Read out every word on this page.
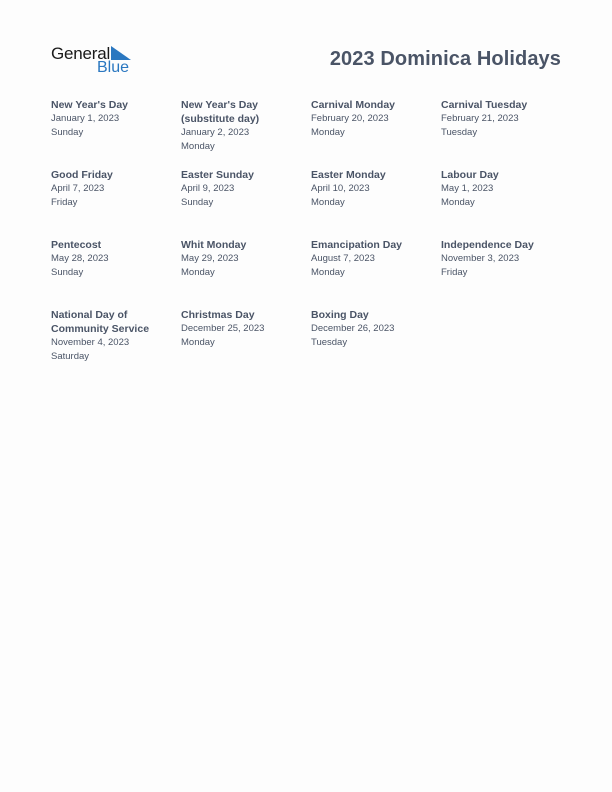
General
Blue	2023 Dominica Holidays
New Year's Day
January 1, 2023
Sunday
New Year's Day (substitute day)
January 2, 2023
Monday
Carnival Monday
February 20, 2023
Monday
Carnival Tuesday
February 21, 2023
Tuesday
Good Friday
April 7, 2023
Friday
Easter Sunday
April 9, 2023
Sunday
Easter Monday
April 10, 2023
Monday
Labour Day
May 1, 2023
Monday
Pentecost
May 28, 2023
Sunday
Whit Monday
May 29, 2023
Monday
Emancipation Day
August 7, 2023
Monday
Independence Day
November 3, 2023
Friday
National Day of Community Service
November 4, 2023
Saturday
Christmas Day
December 25, 2023
Monday
Boxing Day
December 26, 2023
Tuesday
